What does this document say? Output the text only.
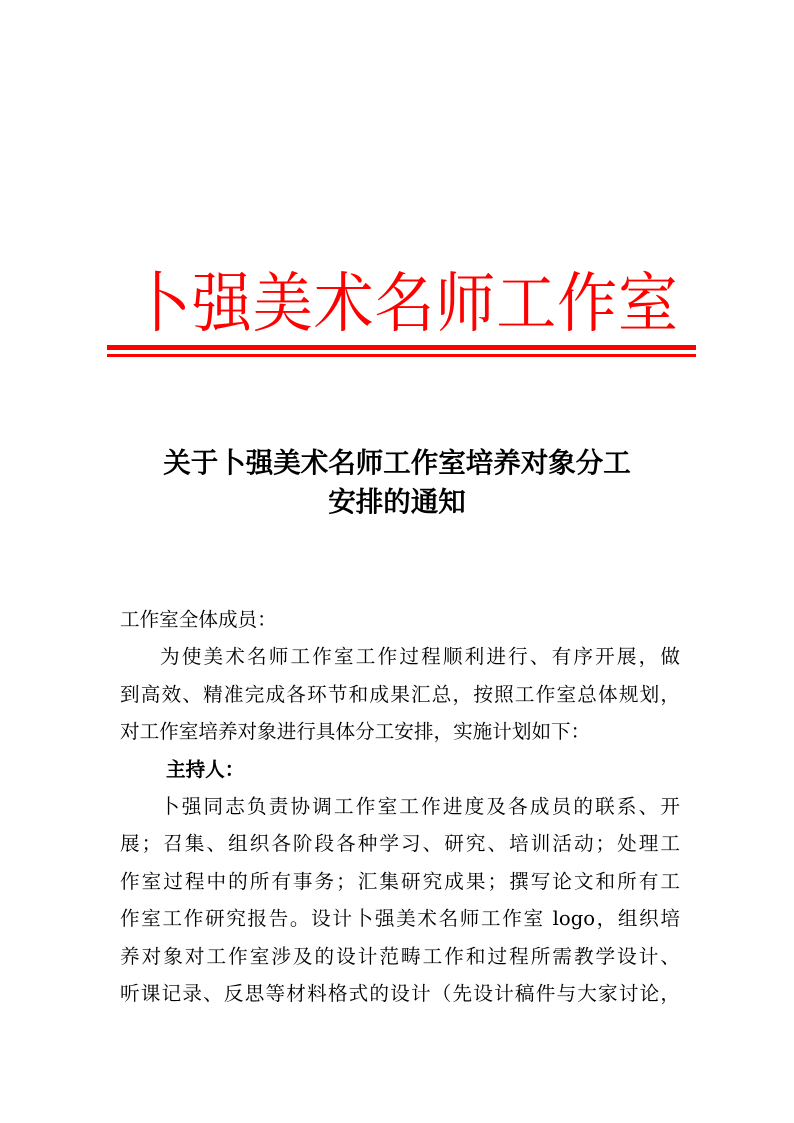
卜 强 美 术 名 师 工 作 室
关于卜强美术名师工作室培养对象分工
安排的通知
工作室全体成员：
为使美术名师工作室工作过程顺利进行、有序开展，做
到高效、精准完成各环节和成果汇总，按照工作室总体规划，
对工作室培养对象进行具体分工安排，实施计划如下：
主持人：
卜强同志负责协调工作室工作进度及各成员的联系、开
展；召集、组织各阶段各种学习、研究、培训活动；处理工
作室过程中的所有事务；汇集研究成果；撰写论文和所有工
作室工作研究报告。设计卜强美术名师工作室 logo，组织培
养对象对工作室涉及的设计范畴工作和过程所需教学设计、
听课记录、反思等材料格式的设计（先设计稿件与大家讨论，
